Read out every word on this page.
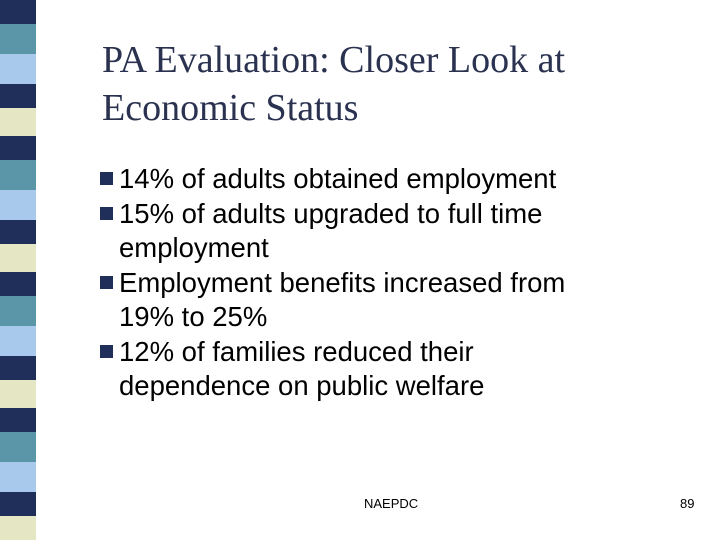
PA Evaluation: Closer Look at
Economic Status
14% of adults obtained employment
15% of adults upgraded to full time
employment
Employment benefits increased from
19% to 25%
12% of families reduced their
dependence on public welfare
NAEPDC	89
